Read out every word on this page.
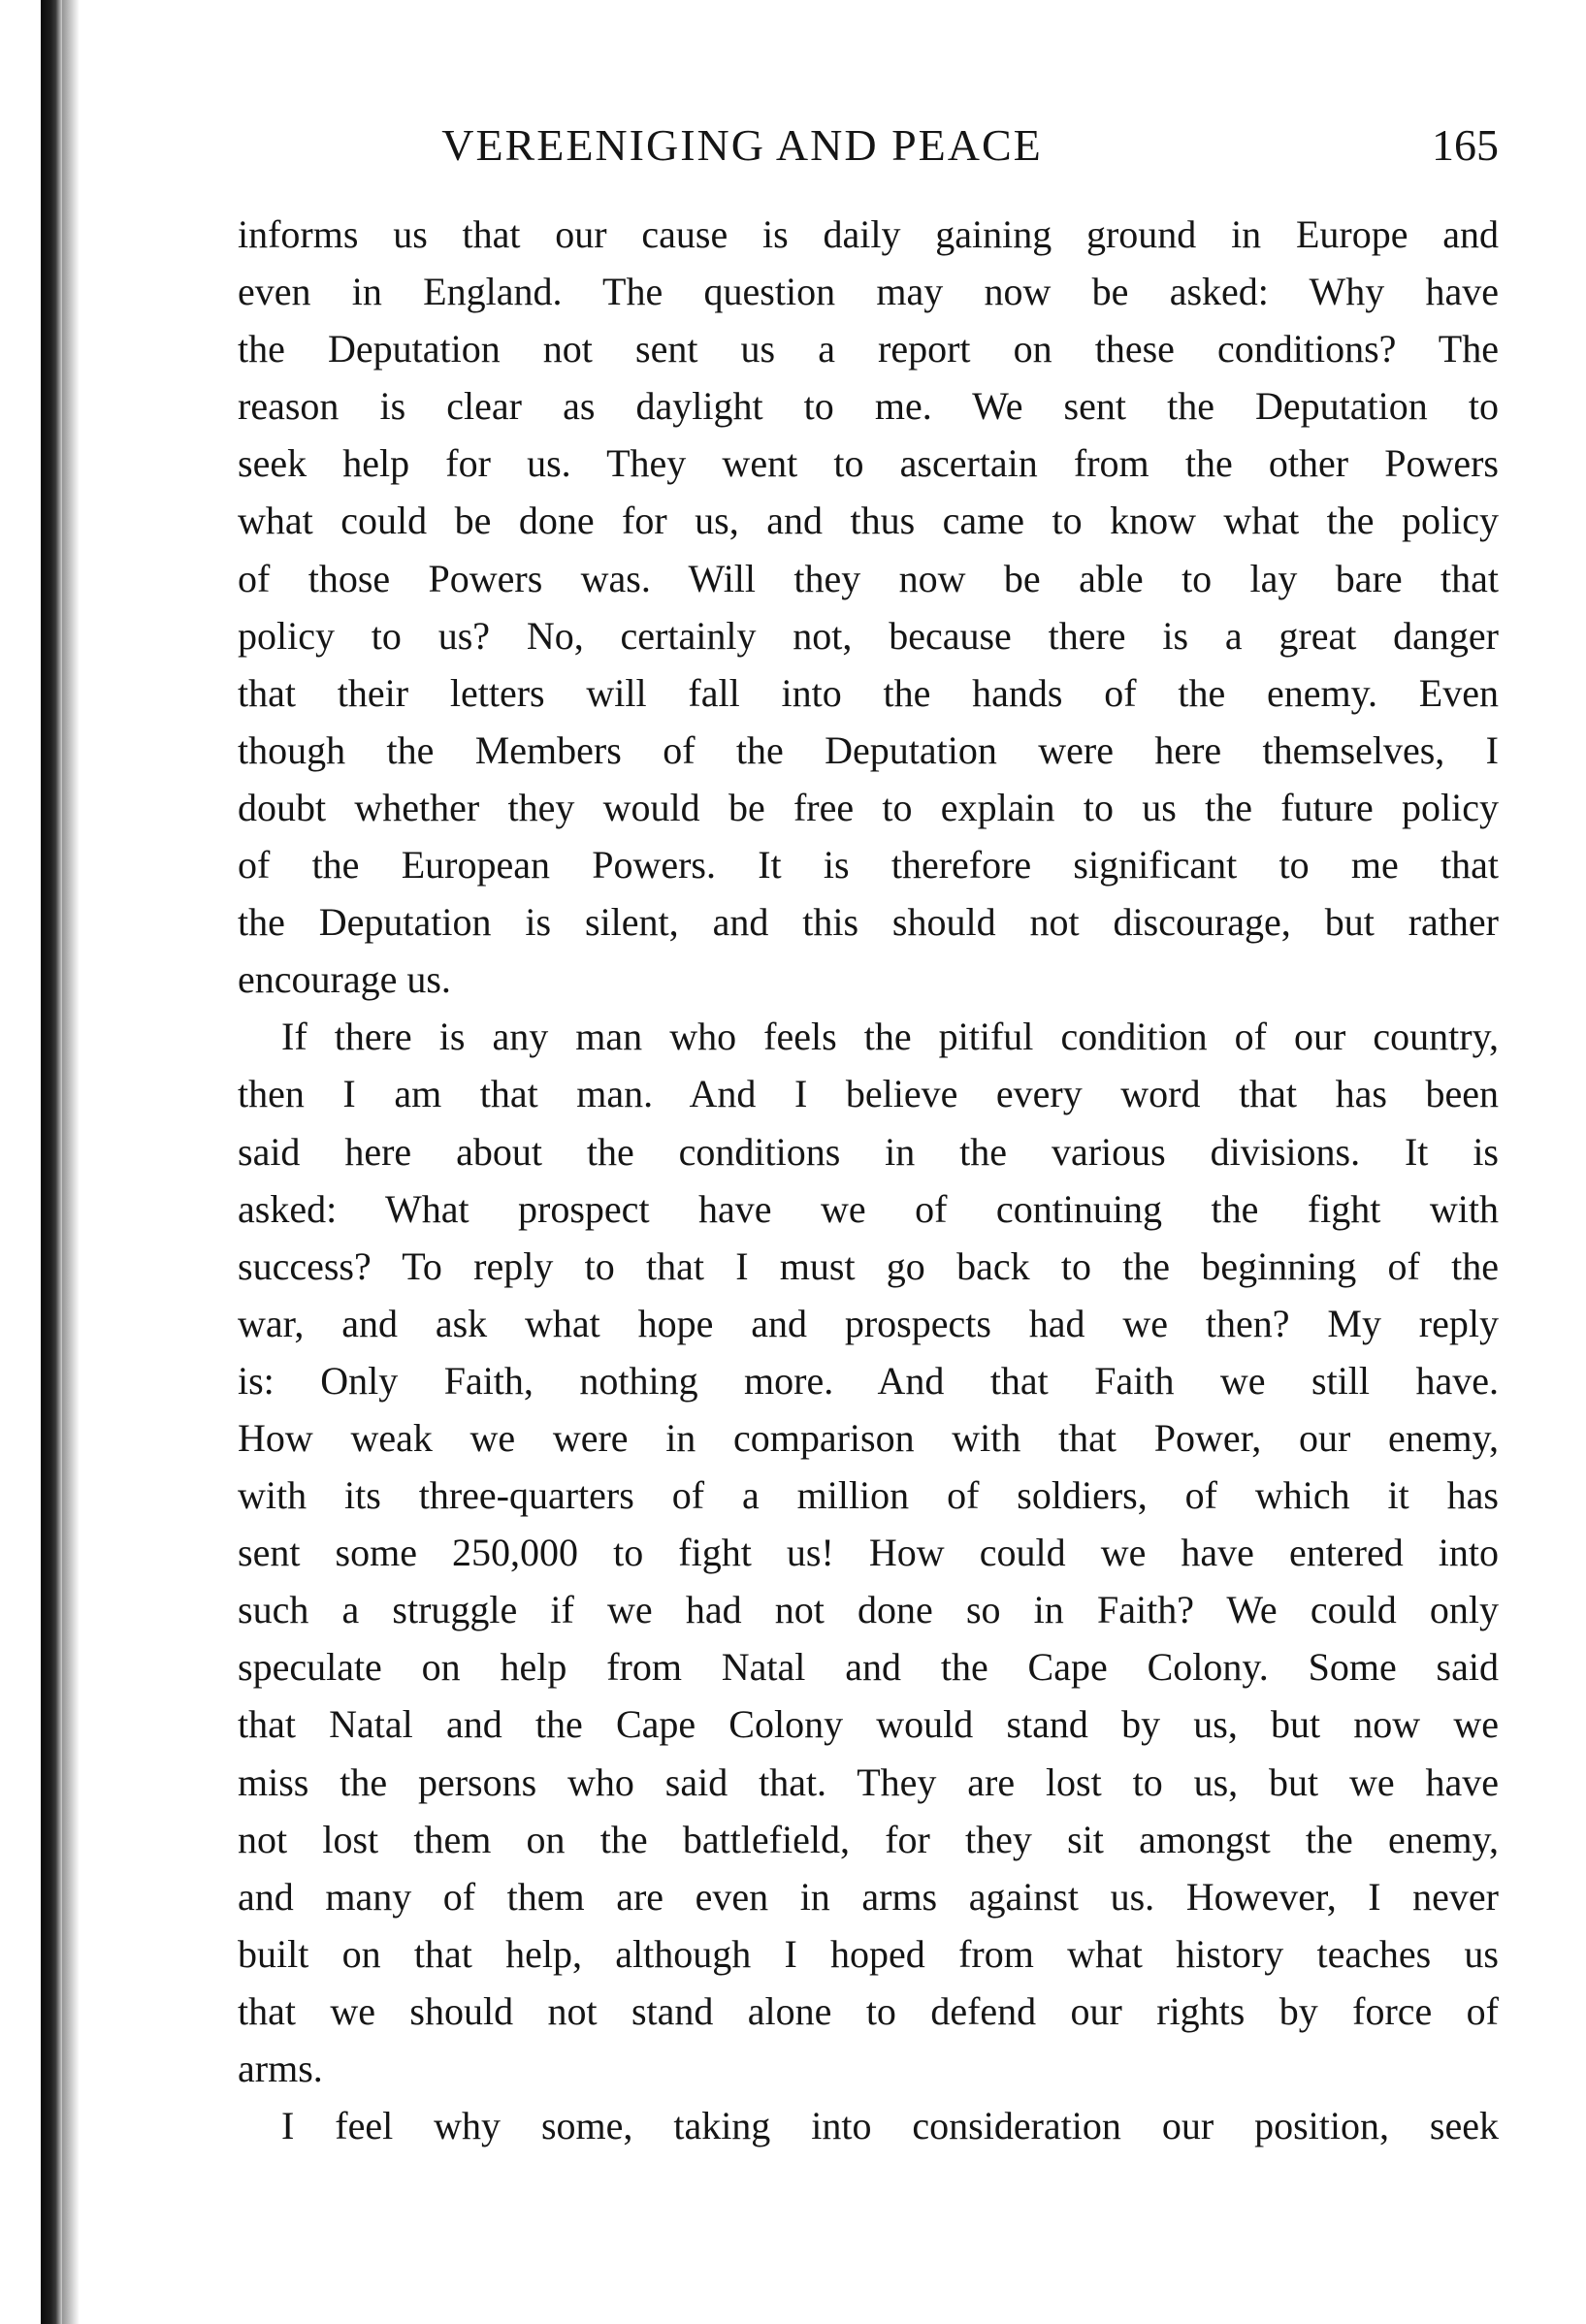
VEREENIGING AND PEACE	165
informs us that our cause is daily gaining ground in Europe and
even in England. The question may now be asked: Why have
the Deputation not sent us a report on these conditions? The
reason is clear as daylight to me. We sent the Deputation to
seek help for us. They went to ascertain from the other Powers
what could be done for us, and thus came to know what the policy
of those Powers was. Will they now be able to lay bare that
policy to us? No, certainly not, because there is a great danger
that their letters will fall into the hands of the enemy. Even
though the Members of the Deputation were here themselves, I
doubt whether they would be free to explain to us the future policy
of the European Powers. It is therefore significant to me that
the Deputation is silent, and this should not discourage, but rather
encourage us.
If there is any man who feels the pitiful condition of our country,
then I am that man. And I believe every word that has been
said here about the conditions in the various divisions. It is
asked: What prospect have we of continuing the fight with
success? To reply to that I must go back to the beginning of the
war, and ask what hope and prospects had we then? My reply
is: Only Faith, nothing more. And that Faith we still have.
How weak we were in comparison with that Power, our enemy,
with its three-quarters of a million of soldiers, of which it has
sent some 250,000 to fight us! How could we have entered into
such a struggle if we had not done so in Faith? We could only
speculate on help from Natal and the Cape Colony. Some said
that Natal and the Cape Colony would stand by us, but now we
miss the persons who said that. They are lost to us, but we have
not lost them on the battlefield, for they sit amongst the enemy,
and many of them are even in arms against us. However, I never
built on that help, although I hoped from what history teaches us
that we should not stand alone to defend our rights by force of
arms.
I feel why some, taking into consideration our position, seek
